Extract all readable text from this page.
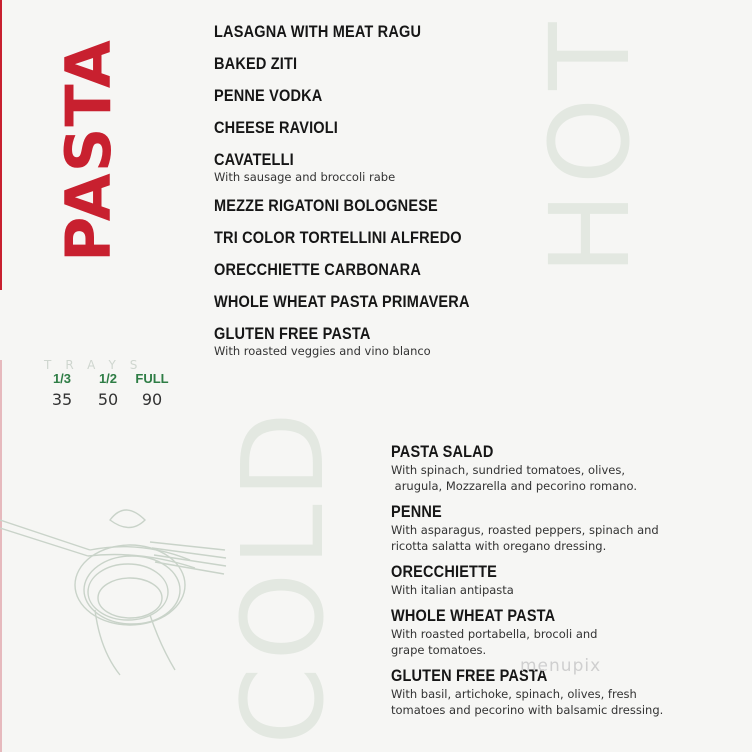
HOT
COLD
PASTA
LASAGNA WITH MEAT RAGU
BAKED ZITI
PENNE VODKA
CHEESE RAVIOLI
CAVATELLI
With sausage and broccoli rabe
MEZZE RIGATONI BOLOGNESE
TRI COLOR TORTELLINI ALFREDO
ORECCHIETTE CARBONARA
WHOLE WHEAT PASTA PRIMAVERA
GLUTEN FREE PASTA
With roasted veggies and vino blanco
TRAYS
1/3
35
1/2
50
FULL
90
PASTA SALAD
With spinach, sundried tomatoes, olives,
arugula, Mozzarella and pecorino romano.
PENNE
With asparagus, roasted peppers, spinach and
ricotta salatta with oregano dressing.
ORECCHIETTE
With italian antipasta
WHOLE WHEAT PASTA
With roasted portabella, brocoli and
grape tomatoes.
GLUTEN FREE PASTA
With basil, artichoke, spinach, olives, fresh
tomatoes and pecorino with balsamic dressing.
menupix
